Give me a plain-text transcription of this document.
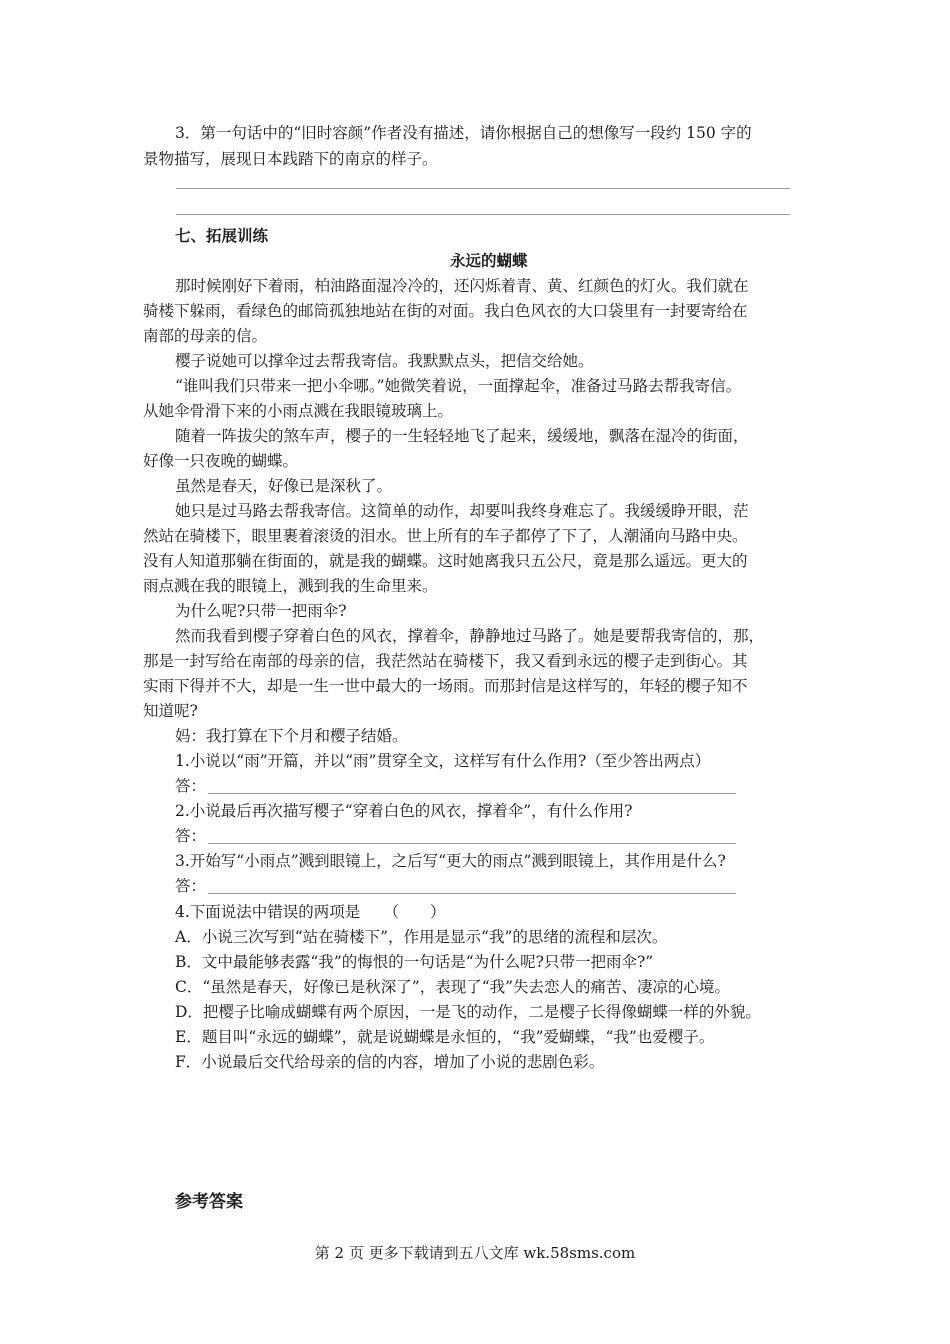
3．第一句话中的“旧时容颜”作者没有描述，请你根据自己的想像写一段约 150 字的
景物描写，展现日本践踏下的南京的样子。
七、拓展训练
永远的蝴蝶
那时候刚好下着雨，柏油路面湿冷冷的，还闪烁着青、黄、红颜色的灯火。我们就在
骑楼下躲雨，看绿色的邮筒孤独地站在街的对面。我白色风衣的大口袋里有一封要寄给在
南部的母亲的信。
樱子说她可以撑伞过去帮我寄信。我默默点头，把信交给她。
“谁叫我们只带来一把小伞哪。”她微笑着说，一面撑起伞，准备过马路去帮我寄信。
从她伞骨滑下来的小雨点溅在我眼镜玻璃上。
随着一阵拔尖的煞车声，樱子的一生轻轻地飞了起来，缓缓地，飘落在湿冷的街面，
好像一只夜晚的蝴蝶。
虽然是春天，好像已是深秋了。
她只是过马路去帮我寄信。这简单的动作，却要叫我终身难忘了。我缓缓睁开眼，茫
然站在骑楼下，眼里裹着滚烫的泪水。世上所有的车子都停了下了，人潮涌向马路中央。
没有人知道那躺在街面的，就是我的蝴蝶。这时她离我只五公尺，竟是那么遥远。更大的
雨点溅在我的眼镜上，溅到我的生命里来。
为什么呢?只带一把雨伞?
然而我看到樱子穿着白色的风衣，撑着伞，静静地过马路了。她是要帮我寄信的，那，
那是一封写给在南部的母亲的信，我茫然站在骑楼下，我又看到永远的樱子走到街心。其
实雨下得并不大，却是一生一世中最大的一场雨。而那封信是这样写的，年轻的樱子知不
知道呢?
妈：我打算在下个月和樱子结婚。
1.小说以“雨”开篇，并以“雨”贯穿全文，这样写有什么作用?（至少答出两点）
答：
2.小说最后再次描写樱子“穿着白色的风衣，撑着伞”，有什么作用?
答：
3.开始写“小雨点”溅到眼镜上，之后写“更大的雨点”溅到眼镜上，其作用是什么?
答：
4.下面说法中错误的两项是　　（　　）
A．小说三次写到“站在骑楼下”，作用是显示“我”的思绪的流程和层次。
B．文中最能够表露“我”的悔恨的一句话是“为什么呢?只带一把雨伞?”
C．“虽然是春天，好像已是秋深了”，表现了“我”失去恋人的痛苦、凄凉的心境。
D．把樱子比喻成蝴蝶有两个原因，一是飞的动作，二是樱子长得像蝴蝶一样的外貌。
E．题目叫“永远的蝴蝶”，就是说蝴蝶是永恒的，“我”爱蝴蝶，“我”也爱樱子。
F．小说最后交代给母亲的信的内容，增加了小说的悲剧色彩。
参考答案
第 2 页 更多下载请到五八文库 wk.58sms.com
